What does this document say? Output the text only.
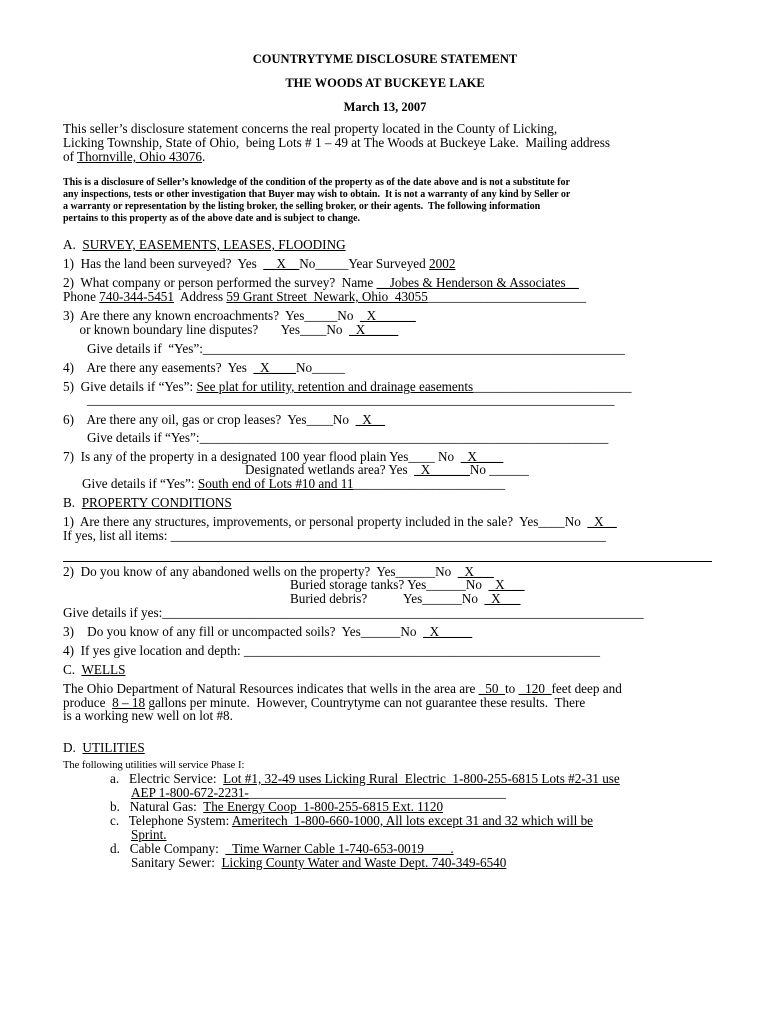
COUNTRYTYME DISCLOSURE STATEMENT
THE WOODS AT BUCKEYE LAKE
March 13, 2007
This seller’s disclosure statement concerns the real property located in the County of Licking,
Licking Township, State of Ohio,  being Lots # 1 – 49 at The Woods at Buckeye Lake.  Mailing address
of Thornville, Ohio 43076.
This is a disclosure of Seller’s knowledge of the condition of the property as of the date above and is not a substitute for
any inspections, tests or other investigation that Buyer may wish to obtain.  It is not a warranty of any kind by Seller or
a warranty or representation by the listing broker, the selling broker, or their agents.  The following information
pertains to this property as of the above date and is subject to change.
A.  SURVEY, EASEMENTS, LEASES, FLOODING
1)  Has the land been surveyed?  Yes  __X__No_____Year Surveyed 2002
2)  What company or person performed the survey?  Name __Jobes & Henderson & Associates__
Phone 740-344-5451  Address 59 Grant Street  Newark, Ohio  43055________________________
3)  Are there any known encroachments?  Yes_____No  _X______
or known boundary line disputes?       Yes____No  _X_____
Give details if  “Yes”:________________________________________________________________
4)    Are there any easements?  Yes  _X____No_____
5)  Give details if “Yes”: See plat for utility, retention and drainage easements________________________
________________________________________________________________________________
6)    Are there any oil, gas or crop leases?  Yes____No  _X__
Give details if “Yes”:______________________________________________________________
7)  Is any of the property in a designated 100 year flood plain Yes____ No  _X____
Designated wetlands area? Yes  _X______No ______
Give details if “Yes”: South end of Lots #10 and 11_______________________
B.  PROPERTY CONDITIONS
1)  Are there any structures, improvements, or personal property included in the sale?  Yes____No  _X__
If yes, list all items: __________________________________________________________________
2)  Do you know of any abandoned wells on the property?  Yes______No  _X___
Buried storage tanks? Yes______No  _X___
Buried debris?           Yes______No  _X___
Give details if yes:_________________________________________________________________________
3)    Do you know of any fill or uncompacted soils?  Yes______No  _X_____
4)  If yes give location and depth: ______________________________________________________
C.  WELLS
The Ohio Department of Natural Resources indicates that wells in the area are _50_to _120_feet deep and
produce  8 – 18 gallons per minute.  However, Countrytyme can not guarantee these results.  There
is a working new well on lot #8.
D.  UTILITIES
The following utilities will service Phase I:
a.   Electric Service:  Lot #1, 32-49 uses Licking Rural  Electric  1-800-255-6815 Lots #2-31 use
AEP 1-800-672-2231-_______________________________________
b.   Natural Gas:  The Energy Coop  1-800-255-6815 Ext. 1120
c.   Telephone System: Ameritech  1-800-660-1000, All lots except 31 and 32 which will be
Sprint.
d.   Cable Company:  _Time Warner Cable 1-740-653-0019____.
Sanitary Sewer:  Licking County Water and Waste Dept. 740-349-6540
